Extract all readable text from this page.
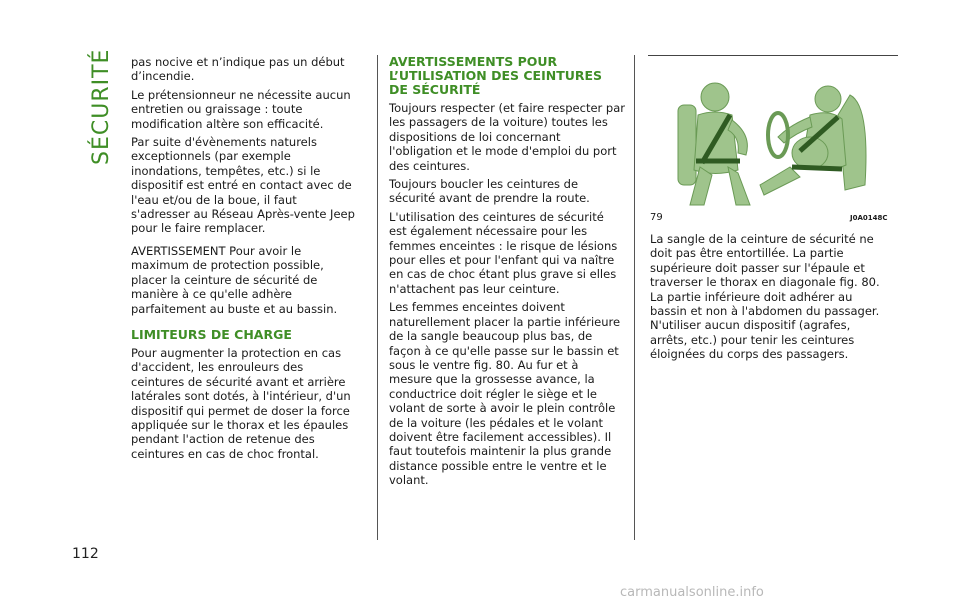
SÉCURITÉ
112

pas nocive et n’indique pas un début d’incendie.

Le prétensionneur ne nécessite aucun entretien ou graissage : toute modification altère son efficacité.

Par suite d'évènements naturels exceptionnels (par exemple inondations, tempêtes, etc.) si le dispositif est entré en contact avec de l'eau et/ou de la boue, il faut s'adresser au Réseau Après-vente Jeep pour le faire remplacer.

AVERTISSEMENT Pour avoir le maximum de protection possible, placer la ceinture de sécurité de manière à ce qu'elle adhère parfaitement au buste et au bassin.

LIMITEURS DE CHARGE

Pour augmenter la protection en cas d'accident, les enrouleurs des ceintures de sécurité avant et arrière latérales sont dotés, à l'intérieur, d'un dispositif qui permet de doser la force appliquée sur le thorax et les épaules pendant l'action de retenue des ceintures en cas de choc frontal.

AVERTISSEMENTS POUR L’UTILISATION DES CEINTURES DE SÉCURITÉ

Toujours respecter (et faire respecter par les passagers de la voiture) toutes les dispositions de loi concernant l'obligation et le mode d'emploi du port des ceintures.

Toujours boucler les ceintures de sécurité avant de prendre la route.

L'utilisation des ceintures de sécurité est également nécessaire pour les femmes enceintes : le risque de lésions pour elles et pour l'enfant qui va naître en cas de choc étant plus grave si elles n'attachent pas leur ceinture.

Les femmes enceintes doivent naturellement placer la partie inférieure de la sangle beaucoup plus bas, de façon à ce qu'elle passe sur le bassin et sous le ventre fig. 80. Au fur et à mesure que la grossesse avance, la conductrice doit régler le siège et le volant de sorte à avoir le plein contrôle de la voiture (les pédales et le volant doivent être facilement accessibles). Il faut toutefois maintenir la plus grande distance possible entre le ventre et le volant.

79	J0A0148C

La sangle de la ceinture de sécurité ne doit pas être entortillée. La partie supérieure doit passer sur l'épaule et traverser le thorax en diagonale fig. 80. La partie inférieure doit adhérer au bassin et non à l'abdomen du passager. N'utiliser aucun dispositif (agrafes, arrêts, etc.) pour tenir les ceintures éloignées du corps des passagers.

carmanualsonline.info
